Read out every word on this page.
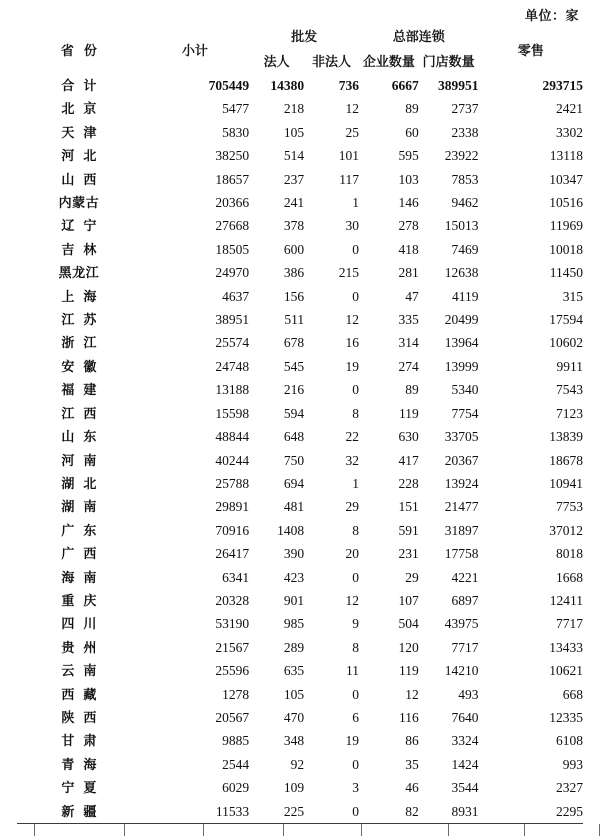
单位：家
省份	小计	批发		总部连锁		零售
		法人	非法人	企业数量	门店数量	
合计	705449	14380	736	6667	389951	293715
北京	5477	218	12	89	2737	2421
天津	5830	105	25	60	2338	3302
河北	38250	514	101	595	23922	13118
山西	18657	237	117	103	7853	10347
内蒙古	20366	241	1	146	9462	10516
辽宁	27668	378	30	278	15013	11969
吉林	18505	600	0	418	7469	10018
黑龙江	24970	386	215	281	12638	11450
上海	4637	156	0	47	4119	315
江苏	38951	511	12	335	20499	17594
浙江	25574	678	16	314	13964	10602
安徽	24748	545	19	274	13999	9911
福建	13188	216	0	89	5340	7543
江西	15598	594	8	119	7754	7123
山东	48844	648	22	630	33705	13839
河南	40244	750	32	417	20367	18678
湖北	25788	694	1	228	13924	10941
湖南	29891	481	29	151	21477	7753
广东	70916	1408	8	591	31897	37012
广西	26417	390	20	231	17758	8018
海南	6341	423	0	29	4221	1668
重庆	20328	901	12	107	6897	12411
四川	53190	985	9	504	43975	7717
贵州	21567	289	8	120	7717	13433
云南	25596	635	11	119	14210	10621
西藏	1278	105	0	12	493	668
陕西	20567	470	6	116	7640	12335
甘肃	9885	348	19	86	3324	6108
青海	2544	92	0	35	1424	993
宁夏	6029	109	3	46	3544	2327
新疆	11533	225	0	82	8931	2295
